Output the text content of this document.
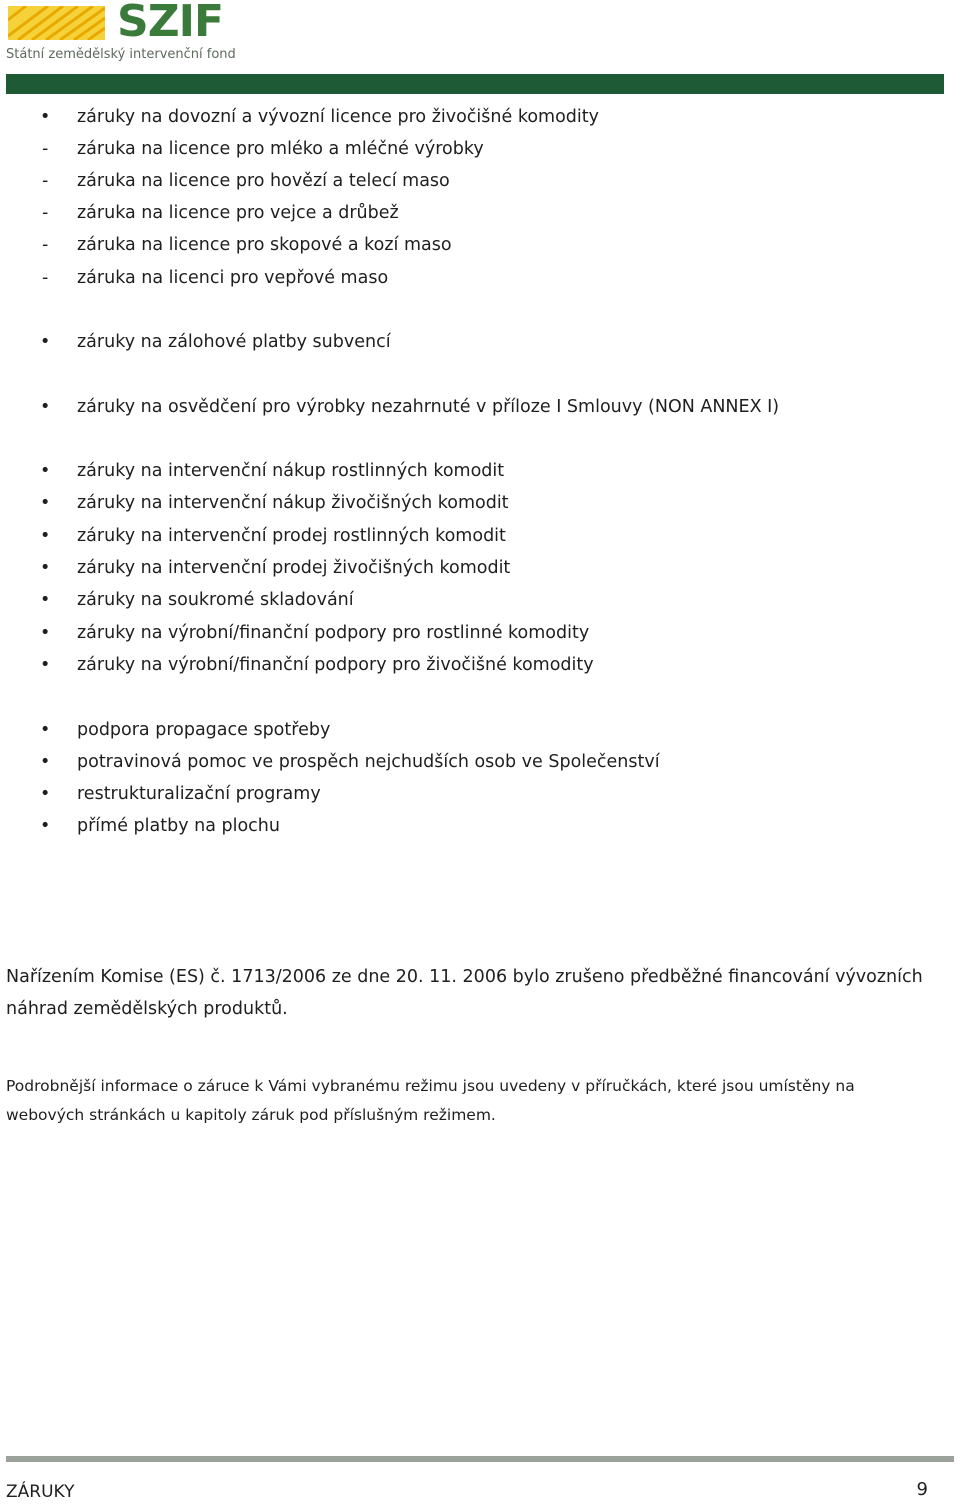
SZIF
Státní zemědělský intervenční fond
•	záruky na dovozní a vývozní licence pro živočišné komodity
-	záruka na licence pro mléko a mléčné výrobky
-	záruka na licence pro hovězí a telecí maso
-	záruka na licence pro vejce a drůbež
-	záruka na licence pro skopové a kozí maso
-	záruka na licenci pro vepřové maso
•	záruky na zálohové platby subvencí
•	záruky na osvědčení pro výrobky nezahrnuté v příloze I Smlouvy (NON ANNEX I)
•	záruky na intervenční nákup rostlinných komodit
•	záruky na intervenční nákup živočišných komodit
•	záruky na intervenční prodej rostlinných komodit
•	záruky na intervenční prodej živočišných komodit
•	záruky na soukromé skladování
•	záruky na výrobní/finanční podpory pro rostlinné komodity
•	záruky na výrobní/finanční podpory pro živočišné komodity
•	podpora propagace spotřeby
•	potravinová pomoc ve prospěch nejchudších osob ve Společenství
•	restrukturalizační programy
•	přímé platby na plochu
Nařízením Komise (ES) č. 1713/2006 ze dne 20. 11. 2006 bylo zrušeno předběžné financování vývozních náhrad zemědělských produktů.
Podrobnější informace o záruce k Vámi vybranému režimu jsou uvedeny v příručkách, které jsou umístěny na webových stránkách u kapitoly záruk pod příslušným režimem.
ZÁRUKY	9
